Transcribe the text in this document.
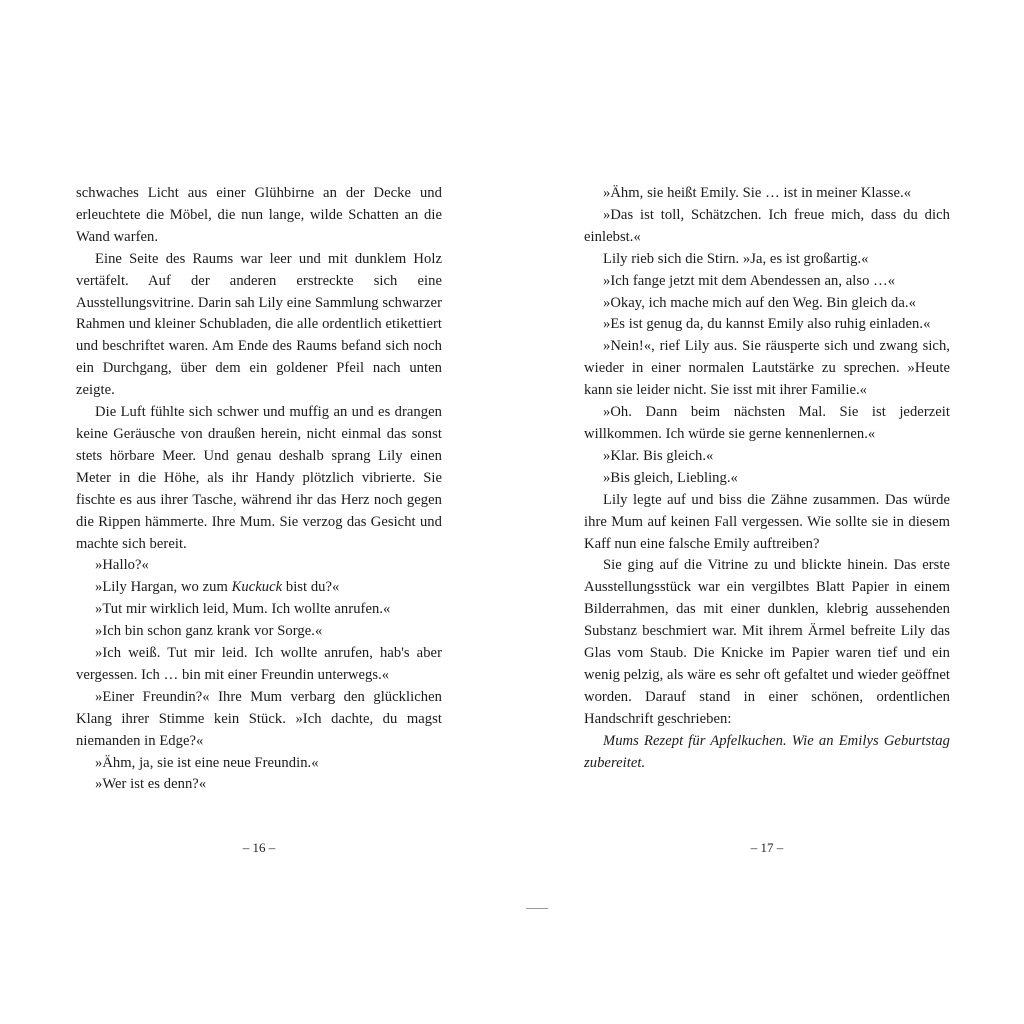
schwaches Licht aus einer Glühbirne an der Decke und erleuchtete die Möbel, die nun lange, wilde Schatten an die Wand warfen.

Eine Seite des Raums war leer und mit dunklem Holz vertäfelt. Auf der anderen erstreckte sich eine Ausstellungsvitrine. Darin sah Lily eine Sammlung schwarzer Rahmen und kleiner Schubladen, die alle ordentlich etikettiert und beschriftet waren. Am Ende des Raums befand sich noch ein Durchgang, über dem ein goldener Pfeil nach unten zeigte.

Die Luft fühlte sich schwer und muffig an und es drangen keine Geräusche von draußen herein, nicht einmal das sonst stets hörbare Meer. Und genau deshalb sprang Lily einen Meter in die Höhe, als ihr Handy plötzlich vibrierte. Sie fischte es aus ihrer Tasche, während ihr das Herz noch gegen die Rippen hämmerte. Ihre Mum. Sie verzog das Gesicht und machte sich bereit.

»Hallo?«

»Lily Hargan, wo zum Kuckuck bist du?«

»Tut mir wirklich leid, Mum. Ich wollte anrufen.«

»Ich bin schon ganz krank vor Sorge.«

»Ich weiß. Tut mir leid. Ich wollte anrufen, hab's aber vergessen. Ich … bin mit einer Freundin unterwegs.«

»Einer Freundin?« Ihre Mum verbarg den glücklichen Klang ihrer Stimme kein Stück. »Ich dachte, du magst niemanden in Edge?«

»Ähm, ja, sie ist eine neue Freundin.«

»Wer ist es denn?«

»Ähm, sie heißt Emily. Sie … ist in meiner Klasse.«

»Das ist toll, Schätzchen. Ich freue mich, dass du dich einlebst.«

Lily rieb sich die Stirn. »Ja, es ist großartig.«

»Ich fange jetzt mit dem Abendessen an, also …«

»Okay, ich mache mich auf den Weg. Bin gleich da.«

»Es ist genug da, du kannst Emily also ruhig einladen.«

»Nein!«, rief Lily aus. Sie räusperte sich und zwang sich, wieder in einer normalen Lautstärke zu sprechen. »Heute kann sie leider nicht. Sie isst mit ihrer Familie.«

»Oh. Dann beim nächsten Mal. Sie ist jederzeit willkommen. Ich würde sie gerne kennenlernen.«

»Klar. Bis gleich.«

»Bis gleich, Liebling.«

Lily legte auf und biss die Zähne zusammen. Das würde ihre Mum auf keinen Fall vergessen. Wie sollte sie in diesem Kaff nun eine falsche Emily auftreiben?

Sie ging auf die Vitrine zu und blickte hinein. Das erste Ausstellungsstück war ein vergilbtes Blatt Papier in einem Bilderrahmen, das mit einer dunklen, klebrig aussehenden Substanz beschmiert war. Mit ihrem Ärmel befreite Lily das Glas vom Staub. Die Knicke im Papier waren tief und ein wenig pelzig, als wäre es sehr oft gefaltet und wieder geöffnet worden. Darauf stand in einer schönen, ordentlichen Handschrift geschrieben:

Mums Rezept für Apfelkuchen. Wie an Emilys Geburtstag zubereitet.

– 16 –	– 17 –
